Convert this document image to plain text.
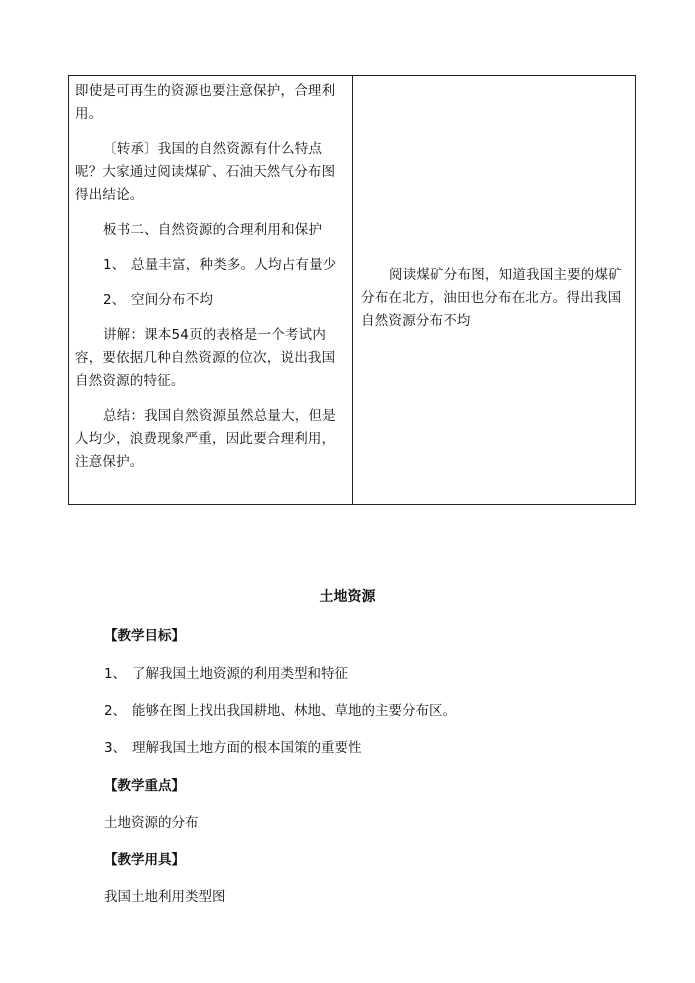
即使是可再生的资源也要注意保护，合理利用。

〔转承〕我国的自然资源有什么特点呢？大家通过阅读煤矿、石油天然气分布图得出结论。

板书二、自然资源的合理利用和保护

1、 总量丰富，种类多。人均占有量少

2、 空间分布不均

讲解：课本54页的表格是一个考试内容，要依据几种自然资源的位次，说出我国自然资源的特征。

总结：我国自然资源虽然总量大，但是人均少，浪费现象严重，因此要合理利用，注意保护。

阅读煤矿分布图，知道我国主要的煤矿分布在北方，油田也分布在北方。得出我国自然资源分布不均

土地资源

【教学目标】

1、 了解我国土地资源的利用类型和特征

2、 能够在图上找出我国耕地、林地、草地的主要分布区。

3、 理解我国土地方面的根本国策的重要性

【教学重点】

土地资源的分布

【教学用具】

我国土地利用类型图
